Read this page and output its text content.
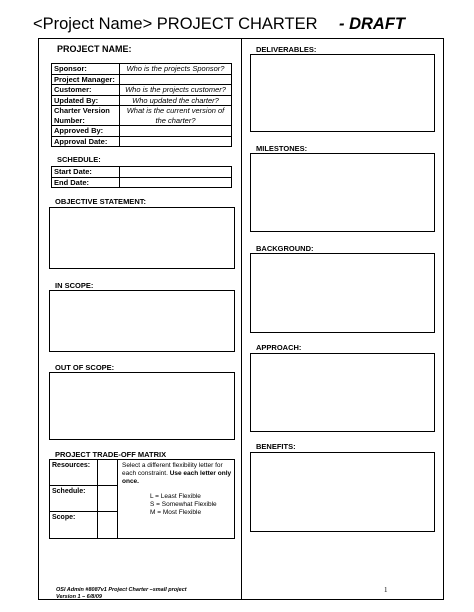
<Project Name> PROJECT CHARTER - DRAFT
PROJECT NAME:
Sponsor:	Who is the projects Sponsor?
Project Manager:	
Customer:	Who is the projects customer?
Updated By:	Who updated the charter?
Charter Version Number:	What is the current version of the charter?
Approved By:	
Approval Date:	
SCHEDULE:
Start Date:	
End Date:	
OBJECTIVE STATEMENT:
IN SCOPE:
OUT OF SCOPE:
PROJECT TRADE-OFF MATRIX
Resources:
Schedule:
Scope:
Select a different flexibility letter for each constraint. Use each letter only once.
L = Least Flexible
S = Somewhat Flexible
M = Most Flexible
DELIVERABLES:
MILESTONES:
BACKGROUND:
APPROACH:
BENEFITS:
OSI Admin #8087v1 Project Charter –small project
Version 1 – 6/8/09
1
